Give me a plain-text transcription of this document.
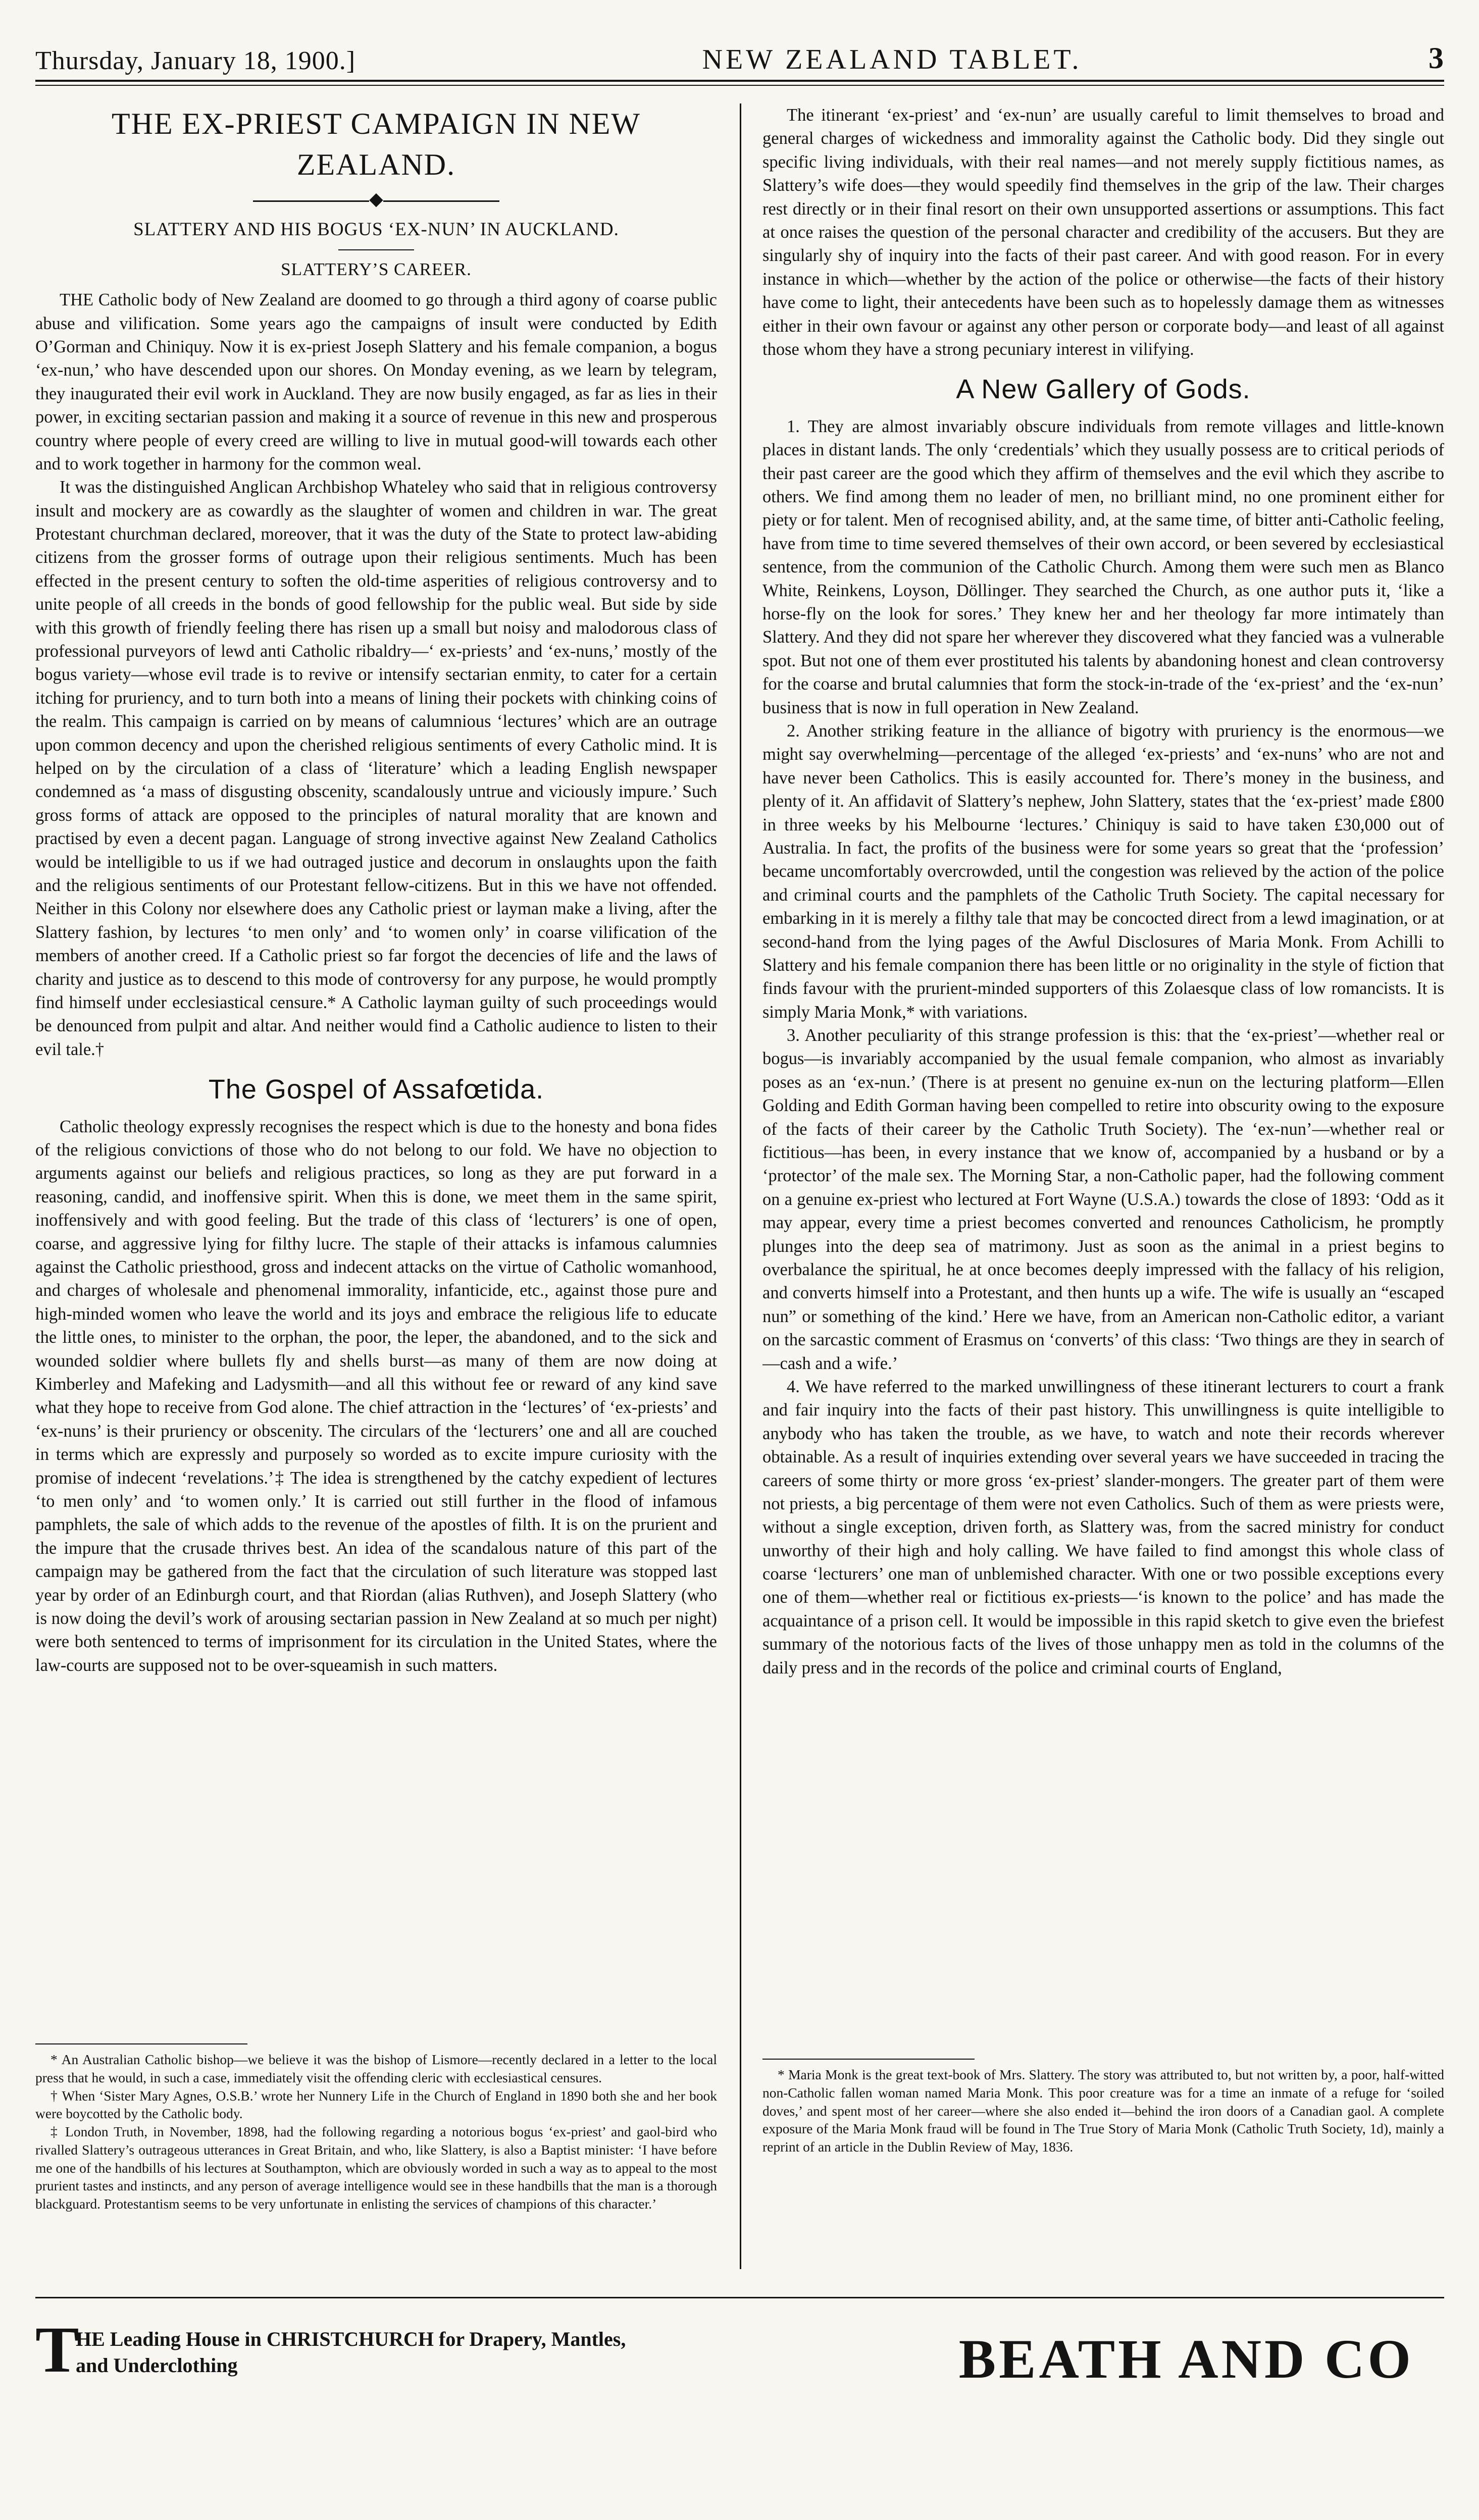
Thursday, January 18, 1900.]	NEW ZEALAND TABLET.	3
THE EX-PRIEST CAMPAIGN IN NEW ZEALAND.
◆
SLATTERY AND HIS BOGUS ‘EX-NUN’ IN AUCKLAND.
SLATTERY’S CAREER.

THE Catholic body of New Zealand are doomed to go through a third agony of coarse public abuse and vilification. Some years ago the campaigns of insult were conducted by Edith O’Gorman and Chiniquy. Now it is ex-priest Joseph Slattery and his female companion, a bogus ‘ex-nun,’ who have descended upon our shores. On Monday evening, as we learn by telegram, they inaugurated their evil work in Auckland. They are now busily engaged, as far as lies in their power, in exciting sectarian passion and making it a source of revenue in this new and prosperous country where people of every creed are willing to live in mutual good-will towards each other and to work together in harmony for the common weal.

It was the distinguished Anglican Archbishop Whateley who said that in religious controversy insult and mockery are as cowardly as the slaughter of women and children in war. The great Protestant churchman declared, moreover, that it was the duty of the State to protect law-abiding citizens from the grosser forms of outrage upon their religious sentiments. Much has been effected in the present century to soften the old-time asperities of religious controversy and to unite people of all creeds in the bonds of good fellowship for the public weal. But side by side with this growth of friendly feeling there has risen up a small but noisy and malodorous class of professional purveyors of lewd anti Catholic ribaldry—‘ ex-priests’ and ‘ex-nuns,’ mostly of the bogus variety—whose evil trade is to revive or intensify sectarian enmity, to cater for a certain itching for pruriency, and to turn both into a means of lining their pockets with chinking coins of the realm. This campaign is carried on by means of calumnious ‘lectures’ which are an outrage upon common decency and upon the cherished religious sentiments of every Catholic mind. It is helped on by the circulation of a class of ‘literature’ which a leading English newspaper condemned as ‘a mass of disgusting obscenity, scandalously untrue and viciously impure.’ Such gross forms of attack are opposed to the principles of natural morality that are known and practised by even a decent pagan. Language of strong invective against New Zealand Catholics would be intelligible to us if we had outraged justice and decorum in onslaughts upon the faith and the religious sentiments of our Protestant fellow-citizens. But in this we have not offended. Neither in this Colony nor elsewhere does any Catholic priest or layman make a living, after the Slattery fashion, by lectures ‘to men only’ and ‘to women only’ in coarse vilification of the members of another creed. If a Catholic priest so far forgot the decencies of life and the laws of charity and justice as to descend to this mode of controversy for any purpose, he would promptly find himself under ecclesiastical censure.* A Catholic layman guilty of such proceedings would be denounced from pulpit and altar. And neither would find a Catholic audience to listen to their evil tale.†

The Gospel of Assafœtida.

Catholic theology expressly recognises the respect which is due to the honesty and bona fides of the religious convictions of those who do not belong to our fold. We have no objection to arguments against our beliefs and religious practices, so long as they are put forward in a reasoning, candid, and inoffensive spirit. When this is done, we meet them in the same spirit, inoffensively and with good feeling. But the trade of this class of ‘lecturers’ is one of open, coarse, and aggressive lying for filthy lucre. The staple of their attacks is infamous calumnies against the Catholic priesthood, gross and indecent attacks on the virtue of Catholic womanhood, and charges of wholesale and phenomenal immorality, infanticide, etc., against those pure and high-minded women who leave the world and its joys and embrace the religious life to educate the little ones, to minister to the orphan, the poor, the leper, the abandoned, and to the sick and wounded soldier where bullets fly and shells burst—as many of them are now doing at Kimberley and Mafeking and Ladysmith—and all this without fee or reward of any kind save what they hope to receive from God alone. The chief attraction in the ‘lectures’ of ‘ex-priests’ and ‘ex-nuns’ is their pruriency or obscenity. The circulars of the ‘lecturers’ one and all are couched in terms which are expressly and purposely so worded as to excite impure curiosity with the promise of indecent ‘revelations.’‡ The idea is strengthened by the catchy expedient of lectures ‘to men only’ and ‘to women only.’ It is carried out still further in the flood of infamous pamphlets, the sale of which adds to the revenue of the apostles of filth. It is on the prurient and the impure that the crusade thrives best. An idea of the scandalous nature of this part of the campaign may be gathered from the fact that the circulation of such literature was stopped last year by order of an Edinburgh court, and that Riordan (alias Ruthven), and Joseph Slattery (who is now doing the devil’s work of arousing sectarian passion in New Zealand at so much per night) were both sentenced to terms of imprisonment for its circulation in the United States, where the law-courts are supposed not to be over-squeamish in such matters.

* An Australian Catholic bishop—we believe it was the bishop of Lismore—recently declared in a letter to the local press that he would, in such a case, immediately visit the offending cleric with ecclesiastical censures.

† When ‘Sister Mary Agnes, O.S.B.’ wrote her Nunnery Life in the Church of England in 1890 both she and her book were boycotted by the Catholic body.

‡ London Truth, in November, 1898, had the following regarding a notorious bogus ‘ex-priest’ and gaol-bird who rivalled Slattery’s outrageous utterances in Great Britain, and who, like Slattery, is also a Baptist minister: ‘I have before me one of the handbills of his lectures at Southampton, which are obviously worded in such a way as to appeal to the most prurient tastes and instincts, and any person of average intelligence would see in these handbills that the man is a thorough blackguard. Protestantism seems to be very unfortunate in enlisting the services of champions of this character.’

The itinerant ‘ex-priest’ and ‘ex-nun’ are usually careful to limit themselves to broad and general charges of wickedness and immorality against the Catholic body. Did they single out specific living individuals, with their real names—and not merely supply fictitious names, as Slattery’s wife does—they would speedily find themselves in the grip of the law. Their charges rest directly or in their final resort on their own unsupported assertions or assumptions. This fact at once raises the question of the personal character and credibility of the accusers. But they are singularly shy of inquiry into the facts of their past career. And with good reason. For in every instance in which—whether by the action of the police or otherwise—the facts of their history have come to light, their antecedents have been such as to hopelessly damage them as witnesses either in their own favour or against any other person or corporate body—and least of all against those whom they have a strong pecuniary interest in vilifying.

A New Gallery of Gods.

1. They are almost invariably obscure individuals from remote villages and little-known places in distant lands. The only ‘credentials’ which they usually possess are to critical periods of their past career are the good which they affirm of themselves and the evil which they ascribe to others. We find among them no leader of men, no brilliant mind, no one prominent either for piety or for talent. Men of recognised ability, and, at the same time, of bitter anti-Catholic feeling, have from time to time severed themselves of their own accord, or been severed by ecclesiastical sentence, from the communion of the Catholic Church. Among them were such men as Blanco White, Reinkens, Loyson, Döllinger. They searched the Church, as one author puts it, ‘like a horse-fly on the look for sores.’ They knew her and her theology far more intimately than Slattery. And they did not spare her wherever they discovered what they fancied was a vulnerable spot. But not one of them ever prostituted his talents by abandoning honest and clean controversy for the coarse and brutal calumnies that form the stock-in-trade of the ‘ex-priest’ and the ‘ex-nun’ business that is now in full operation in New Zealand.

2. Another striking feature in the alliance of bigotry with pruriency is the enormous—we might say overwhelming—percentage of the alleged ‘ex-priests’ and ‘ex-nuns’ who are not and have never been Catholics. This is easily accounted for. There’s money in the business, and plenty of it. An affidavit of Slattery’s nephew, John Slattery, states that the ‘ex-priest’ made £800 in three weeks by his Melbourne ‘lectures.’ Chiniquy is said to have taken £30,000 out of Australia. In fact, the profits of the business were for some years so great that the ‘profession’ became uncomfortably overcrowded, until the congestion was relieved by the action of the police and criminal courts and the pamphlets of the Catholic Truth Society. The capital necessary for embarking in it is merely a filthy tale that may be concocted direct from a lewd imagination, or at second-hand from the lying pages of the Awful Disclosures of Maria Monk. From Achilli to Slattery and his female companion there has been little or no originality in the style of fiction that finds favour with the prurient-minded supporters of this Zolaesque class of low romancists. It is simply Maria Monk,* with variations.

3. Another peculiarity of this strange profession is this: that the ‘ex-priest’—whether real or bogus—is invariably accompanied by the usual female companion, who almost as invariably poses as an ‘ex-nun.’ (There is at present no genuine ex-nun on the lecturing platform—Ellen Golding and Edith Gorman having been compelled to retire into obscurity owing to the exposure of the facts of their career by the Catholic Truth Society). The ‘ex-nun’—whether real or fictitious—has been, in every instance that we know of, accompanied by a husband or by a ‘protector’ of the male sex. The Morning Star, a non-Catholic paper, had the following comment on a genuine ex-priest who lectured at Fort Wayne (U.S.A.) towards the close of 1893: ‘Odd as it may appear, every time a priest becomes converted and renounces Catholicism, he promptly plunges into the deep sea of matrimony. Just as soon as the animal in a priest begins to overbalance the spiritual, he at once becomes deeply impressed with the fallacy of his religion, and converts himself into a Protestant, and then hunts up a wife. The wife is usually an “escaped nun” or something of the kind.’ Here we have, from an American non-Catholic editor, a variant on the sarcastic comment of Erasmus on ‘converts’ of this class: ‘Two things are they in search of—cash and a wife.’

4. We have referred to the marked unwillingness of these itinerant lecturers to court a frank and fair inquiry into the facts of their past history. This unwillingness is quite intelligible to anybody who has taken the trouble, as we have, to watch and note their records wherever obtainable. As a result of inquiries extending over several years we have succeeded in tracing the careers of some thirty or more gross ‘ex-priest’ slander-mongers. The greater part of them were not priests, a big percentage of them were not even Catholics. Such of them as were priests were, without a single exception, driven forth, as Slattery was, from the sacred ministry for conduct unworthy of their high and holy calling. We have failed to find amongst this whole class of coarse ‘lecturers’ one man of unblemished character. With one or two possible exceptions every one of them—whether real or fictitious ex-priests—‘is known to the police’ and has made the acquaintance of a prison cell. It would be impossible in this rapid sketch to give even the briefest summary of the notorious facts of the lives of those unhappy men as told in the columns of the daily press and in the records of the police and criminal courts of England,

* Maria Monk is the great text-book of Mrs. Slattery. The story was attributed to, but not written by, a poor, half-witted non-Catholic fallen woman named Maria Monk. This poor creature was for a time an inmate of a refuge for ‘soiled doves,’ and spent most of her career—where she also ended it—behind the iron doors of a Canadian gaol. A complete exposure of the Maria Monk fraud will be found in The True Story of Maria Monk (Catholic Truth Society, 1d), mainly a reprint of an article in the Dublin Review of May, 1836.

T
HE Leading House in CHRISTCHURCH for Drapery, Mantles, and Underclothing	BEATH AND CO
